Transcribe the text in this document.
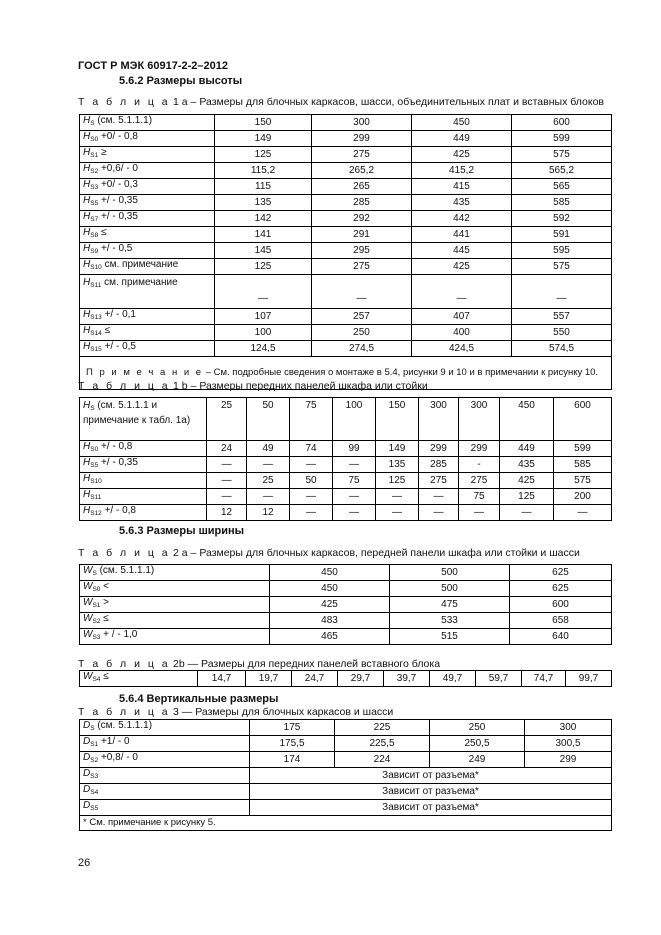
ГОСТ Р МЭК 60917-2-2–2012
5.6.2 Размеры высоты
Т а б л и ц а 1 а – Размеры для блочных каркасов, шасси, объединительных плат и вставных блоков
$H_S$ (см. 5.1.1.1)	150	300	450	600
$H_{S0} +0/ - 0,8$	149	299	449	599
$H_{S1}$ ≥	125	275	425	575
$H_{S2} +0,6/ - 0$	115,2	265,2	415,2	565,2
$H_{S3} +0/ - 0,3$	115	265	415	565
$H_{S5}$ +/ - 0,35	135	285	435	585
$H_{S7}$ +/ - 0,35	142	292	442	592
$H_{S8}$ ≤	141	291	441	591
$H_{S9}$ +/ - 0,5	145	295	445	595
$H_{S10}$ см. примечание	125	275	425	575
$H_{S11}$ см. примечание	—	—	—	—
$H_{S13}$ +/ - 0,1	107	257	407	557
$H_{S14}$ ≤	100	250	400	550
$H_{S15}$ +/ - 0,5	124,5	274,5	424,5	574,5
П р и м е ч а н и е – См. подробные сведения о монтаже в 5.4, рисунки 9 и 10 и в примечании к рисунку 10.				
Т а б л и ц а 1 b – Размеры передних панелей шкафа или стойки
$H_S$ (см. 5.1.1.1 и примечание к табл. 1а)	25	50	75	100	150	300	300	450	600
$H_{S0}$ +/ - 0,8	24	49	74	99	149	299	299	449	599
$H_{S5}$ +/ - 0,35	—	—	—	—	135	285	-	435	585
$H_{S10}$	—	25	50	75	125	275	275	425	575
$H_{S11}$	—	—	—	—	—	—	75	125	200
$H_{S12}$ +/ - 0,8	12	12	—	—	—	—	—	—	—
5.6.3 Размеры ширины
Т а б л и ц а 2 а – Размеры для блочных каркасов, передней панели шкафа или стойки и шасси
$W_S$ (см. 5.1.1.1)	450	500	625
$W_{S0}$ <	450	500	625
$W_{S1}$ >	425	475	600
$W_{S2}$ ≤	483	533	658
$W_{S3}$ + / - 1,0	465	515	640
Т а б л и ц а 2b — Размеры для передних панелей вставного блока
$W_{S4}$ ≤	14,7	19,7	24,7	29,7	39,7	49,7	59,7	74,7	99,7
5.6.4 Вертикальные размеры
Т а б л и ц а 3 — Размеры для блочных каркасов и шасси
$D_S$ (см. 5.1.1.1)	175	225	250	300
$D_{S1} +1/ - 0$	175,5	225,5	250,5	300,5
$D_{S2} +0,8/ - 0$	174	224	249	299
$D_{S3}$	Зависит от разъема*			
$D_{S4}$	Зависит от разъема*			
$D_{S5}$	Зависит от разъема*			
* См. примечание к рисунку 5.				
26
